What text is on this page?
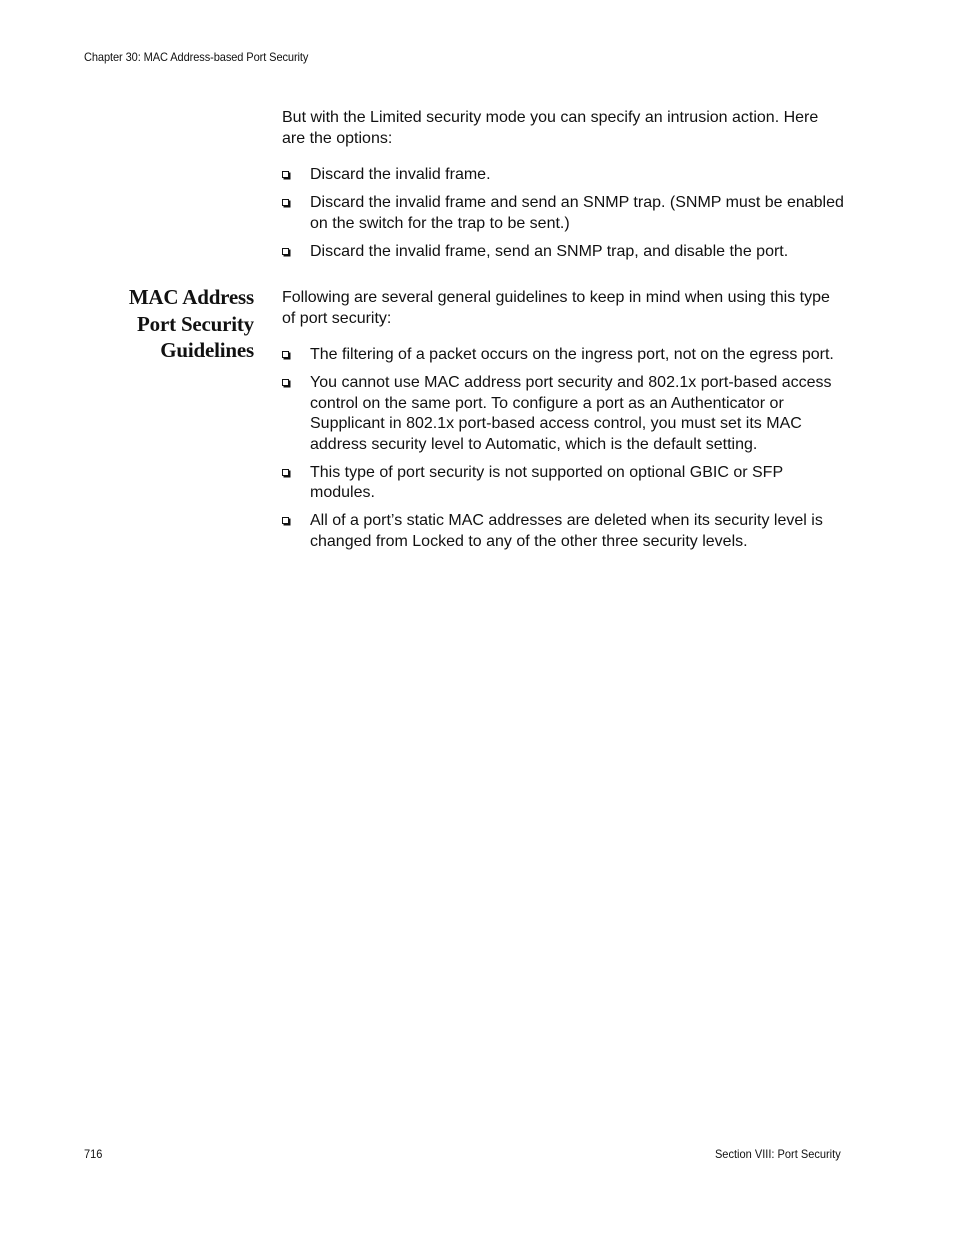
Chapter 30: MAC Address-based Port Security

But with the Limited security mode you can specify an intrusion action. Here are the options:

Discard the invalid frame.
Discard the invalid frame and send an SNMP trap. (SNMP must be enabled on the switch for the trap to be sent.)
Discard the invalid frame, send an SNMP trap, and disable the port.
MAC Address
Port Security
Guidelines

Following are several general guidelines to keep in mind when using this type of port security:

The filtering of a packet occurs on the ingress port, not on the egress port.
You cannot use MAC address port security and 802.1x port-based access control on the same port. To configure a port as an Authenticator or Supplicant in 802.1x port-based access control, you must set its MAC address security level to Automatic, which is the default setting.
This type of port security is not supported on optional GBIC or SFP modules.
All of a port’s static MAC addresses are deleted when its security level is changed from Locked to any of the other three security levels.
716	Section VIII: Port Security
